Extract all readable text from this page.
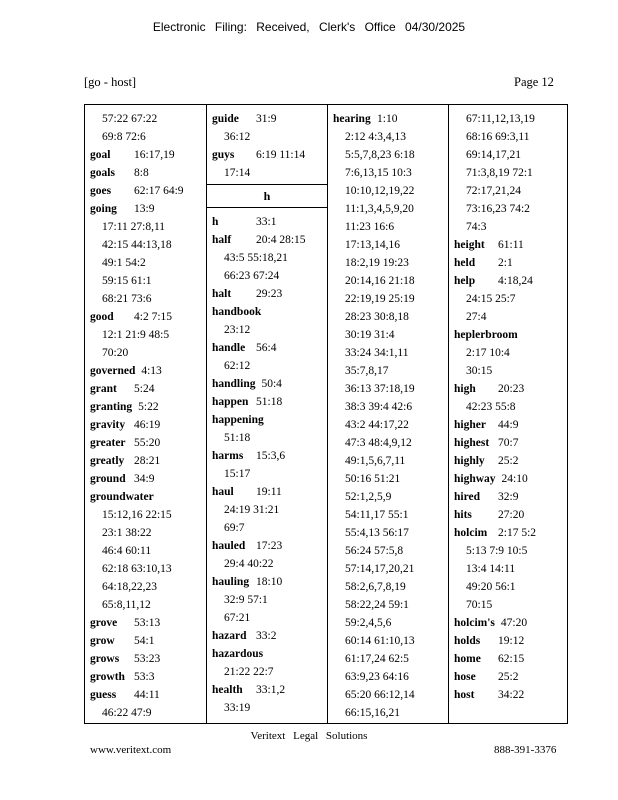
Electronic Filing: Received, Clerk's Office 04/30/2025
[go - host]	Page 12
57:22 67:22
69:8 72:6
goal 16:17,19
goals 8:8
goes 62:17 64:9
going 13:9
17:11 27:8,11
42:15 44:13,18
49:1 54:2
59:15 61:1
68:21 73:6
good 4:2 7:15
12:1 21:9 48:5
70:20
governed 4:13
grant 5:24
granting 5:22
gravity 46:19
greater 55:20
greatly 28:21
ground 34:9
groundwater
15:12,16 22:15
23:1 38:22
46:4 60:11
62:18 63:10,13
64:18,22,23
65:8,11,12
grove 53:13
grow 54:1
grows 53:23
growth 53:3
guess 44:11
46:22 47:9
guide 31:9
36:12
guys 6:19 11:14
17:14
h
h	33:1
half 20:4 28:15
43:5 55:18,21
66:23 67:24
halt 29:23
handbook
23:12
handle 56:4
62:12
handling 50:4
happen 51:18
happening
51:18
harms 15:3,6
15:17
haul 19:11
24:19 31:21
69:7
hauled 17:23
29:4 40:22
hauling 18:10
32:9 57:1
67:21
hazard 33:2
hazardous
21:22 22:7
health 33:1,2
33:19
hearing 1:10
2:12 4:3,4,13
5:5,7,8,23 6:18
7:6,13,15 10:3
10:10,12,19,22
11:1,3,4,5,9,20
11:23 16:6
17:13,14,16
18:2,19 19:23
20:14,16 21:18
22:19,19 25:19
28:23 30:8,18
30:19 31:4
33:24 34:1,11
35:7,8,17
36:13 37:18,19
38:3 39:4 42:6
43:2 44:17,22
47:3 48:4,9,12
49:1,5,6,7,11
50:16 51:21
52:1,2,5,9
54:11,17 55:1
55:4,13 56:17
56:24 57:5,8
57:14,17,20,21
58:2,6,7,8,19
58:22,24 59:1
59:2,4,5,6
60:14 61:10,13
61:17,24 62:5
63:9,23 64:16
65:20 66:12,14
66:15,16,21
67:11,12,13,19
68:16 69:3,11
69:14,17,21
71:3,8,19 72:1
72:17,21,24
73:16,23 74:2
74:3
height 61:11
held 2:1
help 4:18,24
24:15 25:7
27:4
heplerbroom
2:17 10:4
30:15
high 20:23
42:23 55:8
higher 44:9
highest 70:7
highly 25:2
highway 24:10
hired 32:9
hits 27:20
holcim 2:17 5:2
5:13 7:9 10:5
13:4 14:11
49:20 56:1
70:15
holcim's 47:20
holds 19:12
home 62:15
hose 25:2
host 34:22
Veritext Legal Solutions
www.veritext.com	888-391-3376
